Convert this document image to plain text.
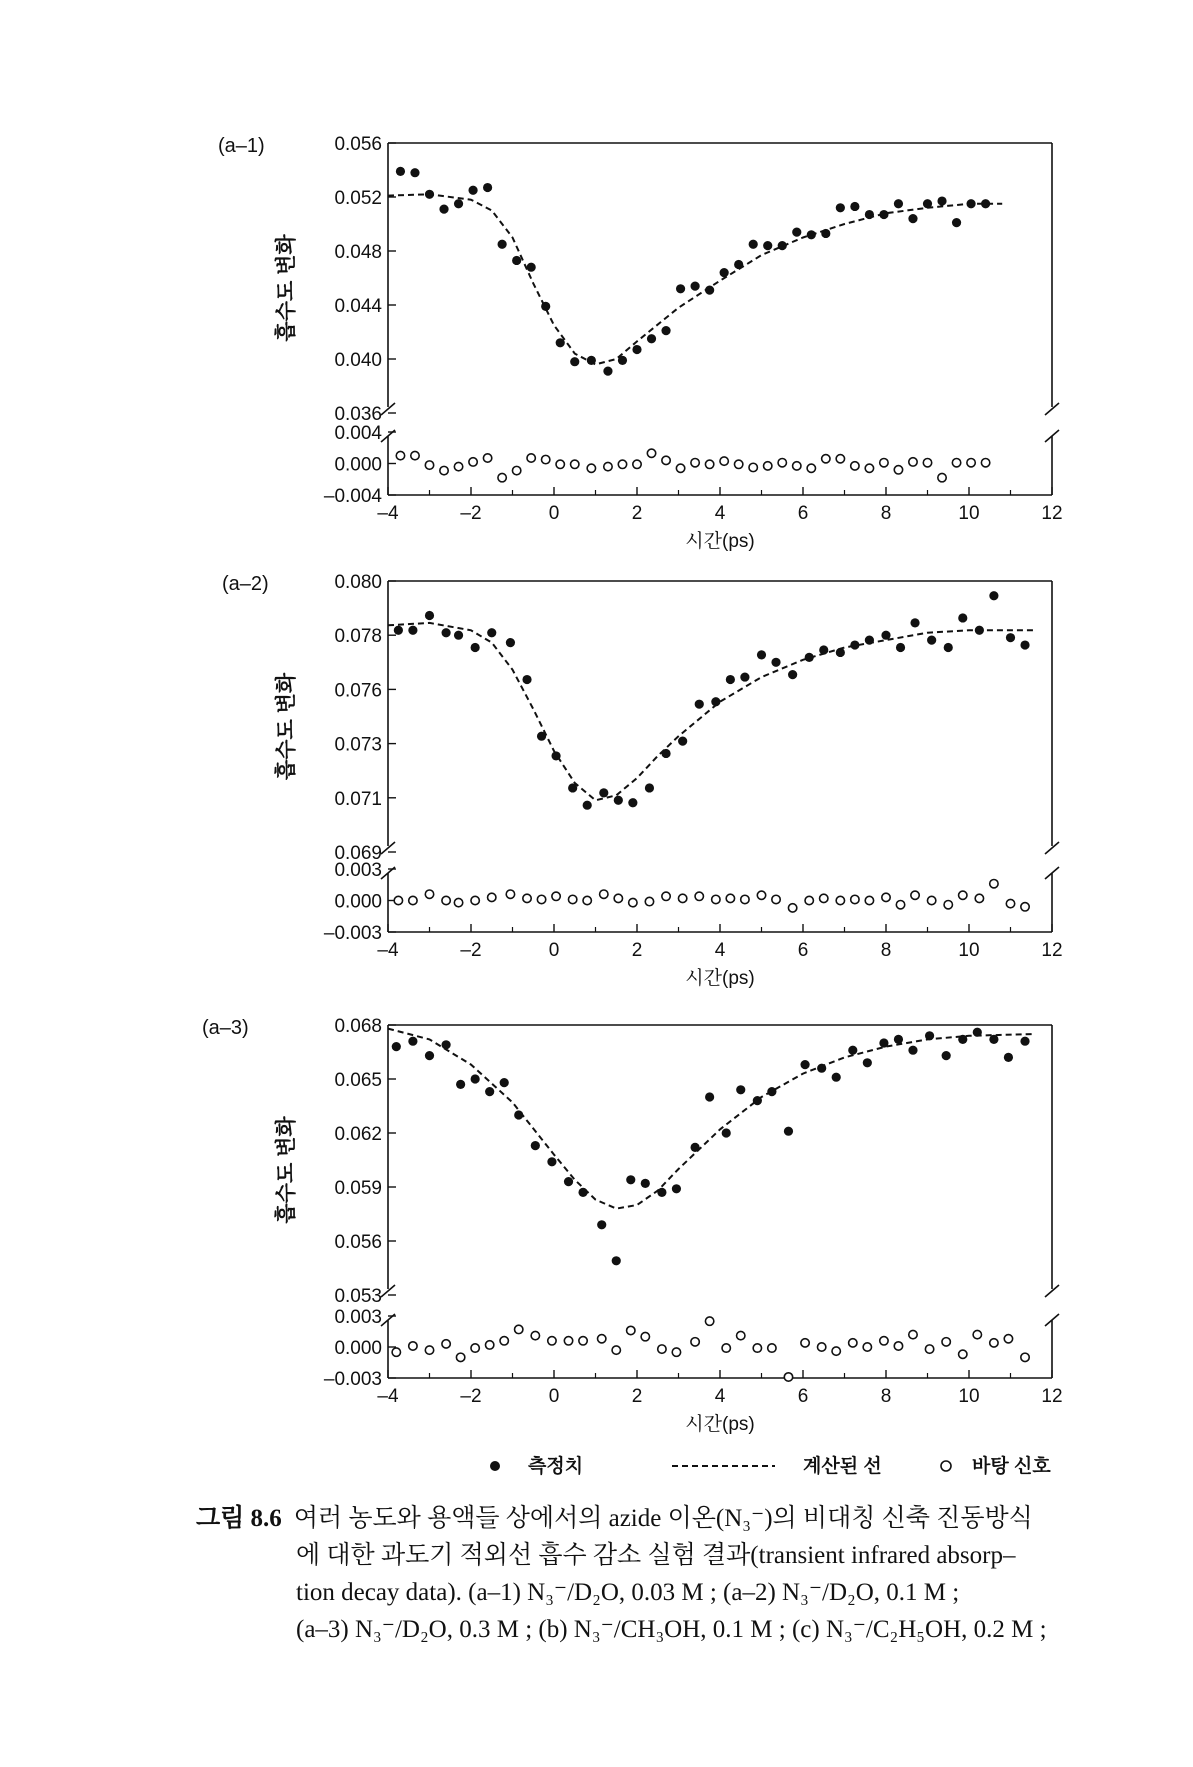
(a–1)
–4	–2	0	2	4	6	8	10	12
시간(ps)
0.056
0.052
0.048
0.044
0.040
0.036
0.004
0.000
–0.004
흡수도 변화
(a–2)
–4	–2	0	2	4	6	8	10	12
시간(ps)
0.080
0.078
0.076
0.073
0.071
0.069
0.003
0.000
–0.003
흡수도 변화
(a–3)
–4	–2	0	2	4	6	8	10	12
시간(ps)
0.068
0.065
0.062
0.059
0.056
0.053
0.003
0.000
–0.003
흡수도 변화
측정치	계산된 선	바탕 신호
그림 8.6 여러 농도와 용액들 상에서의 azide 이온(N₃⁻)의 비대칭 신축 진동방식
에 대한 과도기 적외선 흡수 감소 실험 결과(transient infrared absorp–
tion decay data). (a–1) N₃⁻/D₂O, 0.03 M ; (a–2) N₃⁻/D₂O, 0.1 M ;
(a–3) N₃⁻/D₂O, 0.3 M ; (b) N₃⁻/CH₃OH, 0.1 M ; (c) N₃⁻/C₂H₅OH, 0.2 M ;
